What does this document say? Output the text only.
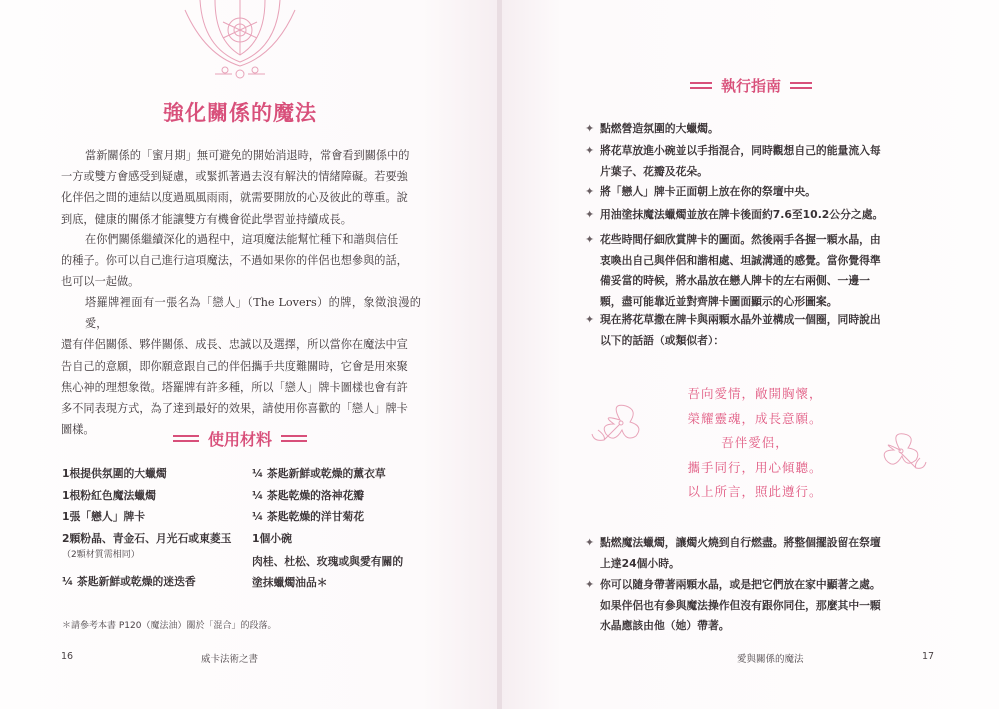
強化關係的魔法
當新關係的「蜜月期」無可避免的開始消退時，常會看到關係中的
一方或雙方會感受到疑慮，或緊抓著過去沒有解決的情緒障礙。若要強
化伴侶之間的連結以度過風風雨雨，就需要開放的心及彼此的尊重。說
到底，健康的關係才能讓雙方有機會從此學習並持續成長。
在你們關係繼續深化的過程中，這項魔法能幫忙種下和諧與信任
的種子。你可以自己進行這項魔法，不過如果你的伴侶也想參與的話，
也可以一起做。
塔羅牌裡面有一張名為「戀人」（The Lovers）的牌，象徵浪漫的愛，
還有伴侶關係、夥伴關係、成長、忠誠以及選擇，所以當你在魔法中宣
告自己的意願，即你願意跟自己的伴侶攜手共度難關時，它會是用來聚
焦心神的理想象徵。塔羅牌有許多種，所以「戀人」牌卡圖樣也會有許
多不同表現方式，為了達到最好的效果，請使用你喜歡的「戀人」牌卡
圖樣。
使用材料
1根提供氛圍的大蠟燭
1根粉紅色魔法蠟燭
1張「戀人」牌卡
2顆粉晶、青金石、月光石或東菱玉
（2顆材質需相同）
¼ 茶匙新鮮或乾燥的迷迭香
¼ 茶匙新鮮或乾燥的薰衣草
¼ 茶匙乾燥的洛神花瓣
¼ 茶匙乾燥的洋甘菊花
1個小碗
肉桂、杜松、玫瑰或與愛有關的
塗抹蠟燭油品＊
＊請參考本書 P120（魔法油）關於「混合」的段落。
16	威卡法術之書
執行指南
✦ 點燃營造氛圍的大蠟燭。
✦ 將花草放進小碗並以手指混合，同時觀想自己的能量流入每
片葉子、花瓣及花朵。
✦ 將「戀人」牌卡正面朝上放在你的祭壇中央。
✦ 用油塗抹魔法蠟燭並放在牌卡後面約7.6至10.2公分之處。
✦ 花些時間仔細欣賞牌卡的圖面。然後兩手各握一顆水晶，由
衷喚出自己與伴侶和諧相處、坦誠溝通的感覺。當你覺得準
備妥當的時候，將水晶放在戀人牌卡的左右兩側、一邊一
顆，盡可能靠近並對齊牌卡圖面顯示的心形圖案。
✦ 現在將花草撒在牌卡與兩顆水晶外並構成一個圈，同時說出
以下的話語（或類似者）：
吾向愛情，敞開胸懷，
榮耀靈魂，成長意願。
吾伴愛侶，
攜手同行，用心傾聽。
以上所言，照此遵行。
✦ 點燃魔法蠟燭，讓燭火燒到自行燃盡。將整個擺設留在祭壇
上達24個小時。
✦ 你可以隨身帶著兩顆水晶，或是把它們放在家中顯著之處。
如果伴侶也有參與魔法操作但沒有跟你同住，那麼其中一顆
水晶應該由他（她）帶著。
愛與關係的魔法	17
